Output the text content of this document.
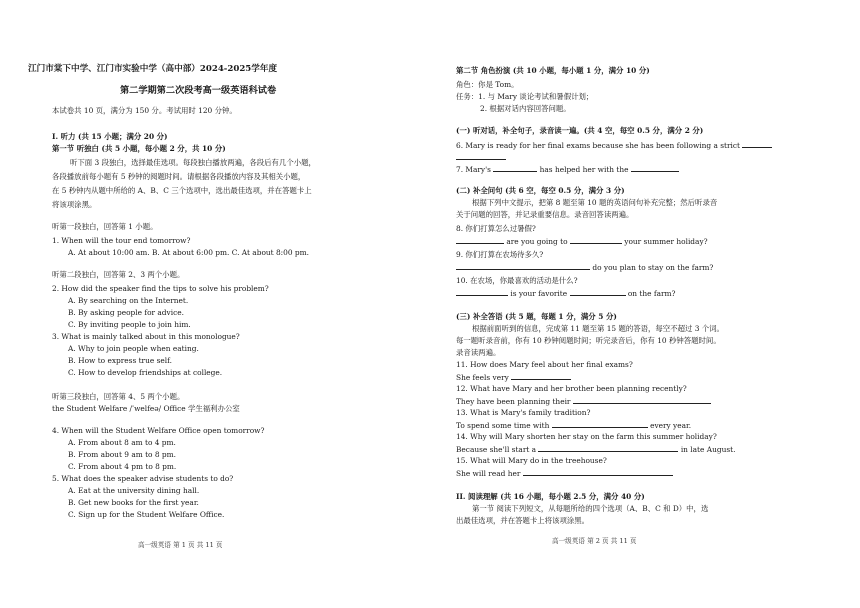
江门市棠下中学、江门市实验中学（高中部）2024-2025学年度
第二学期第二次段考高一级英语科试卷
本试卷共 10 页，满分为 150 分。考试用时 120 分钟。
I. 听力 (共 15 小题；满分 20 分)
第一节 听独白 (共 5 小题，每小题 2 分，共 10 分)
听下面 3 段独白，选择最佳选项。每段独白播放两遍，各段后有几个小题，
各段播放前每小题有 5 秒钟的阅题时间。请根据各段播放内容及其相关小题，
在 5 秒钟内从题中所给的 A、B、C 三个选项中，选出最佳选项，并在答题卡上
将该项涂黑。
听第一段独白，回答第 1 小题。
1. When will the tour end tomorrow?
A. At about 10:00 am. B. At about 6:00 pm. C. At about 8:00 pm.
听第二段独白，回答第 2、3 两个小题。
2. How did the speaker find the tips to solve his problem?
A. By searching on the Internet.
B. By asking people for advice.
C. By inviting people to join him.
3. What is mainly talked about in this monologue?
A. Why to join people when eating.
B. How to express true self.
C. How to develop friendships at college.
听第三段独白，回答第 4、5 两个小题。
the Student Welfare /ˈwelfeə/ Office 学生福利办公室
4. When will the Student Welfare Office open tomorrow?
A. From about 8 am to 4 pm.
B. From about 9 am to 8 pm.
C. From about 4 pm to 8 pm.
5. What does the speaker advise students to do?
A. Eat at the university dining hall.
B. Get new books for the first year.
C. Sign up for the Student Welfare Office.
高一级英语 第 1 页 共 11 页
第二节 角色扮演 (共 10 小题，每小题 1 分，满分 10 分)
角色：你是 Tom。
任务：1. 与 Mary 谈论考试和暑假计划；
2. 根据对话内容回答问题。
(一) 听对话，补全句子，录音读一遍。(共 4 空，每空 0.5 分，满分 2 分)
6. Mary is ready for her final exams because she has been following a strict
7. Mary's	has helped her with the
(二) 补全问句 (共 6 空，每空 0.5 分，满分 3 分)
根据下列中文提示，把第 8 题至第 10 题的英语问句补充完整；然后听录音
关于问题的回答，并记录重要信息。录音回答读两遍。
8. 你们打算怎么过暑假?
are you going to	your summer holiday?
9. 你们打算在农场待多久?
do you plan to stay on the farm?
10. 在农场，你最喜欢的活动是什么?
is your favorite	on the farm?
(三) 补全答语 (共 5 题，每题 1 分，满分 5 分)
根据前面听到的信息，完成第 11 题至第 15 题的答语，每空不超过 3 个词。
每一题听录音前，你有 10 秒钟阅题时间；听完录音后，你有 10 秒钟答题时间。
录音读两遍。
11. How does Mary feel about her final exams?
She feels very
12. What have Mary and her brother been planning recently?
They have been planning their
13. What is Mary's family tradition?
To spend some time with	every year.
14. Why will Mary shorten her stay on the farm this summer holiday?
Because she'll start a	in late August.
15. What will Mary do in the treehouse?
She will read her
II. 阅读理解 (共 16 小题，每小题 2.5 分，满分 40 分)
第一节 阅读下列短文，从每题所给的四个选项（A、B、C 和 D）中，选
出最佳选项，并在答题卡上将该项涂黑。
高一级英语 第 2 页 共 11 页
